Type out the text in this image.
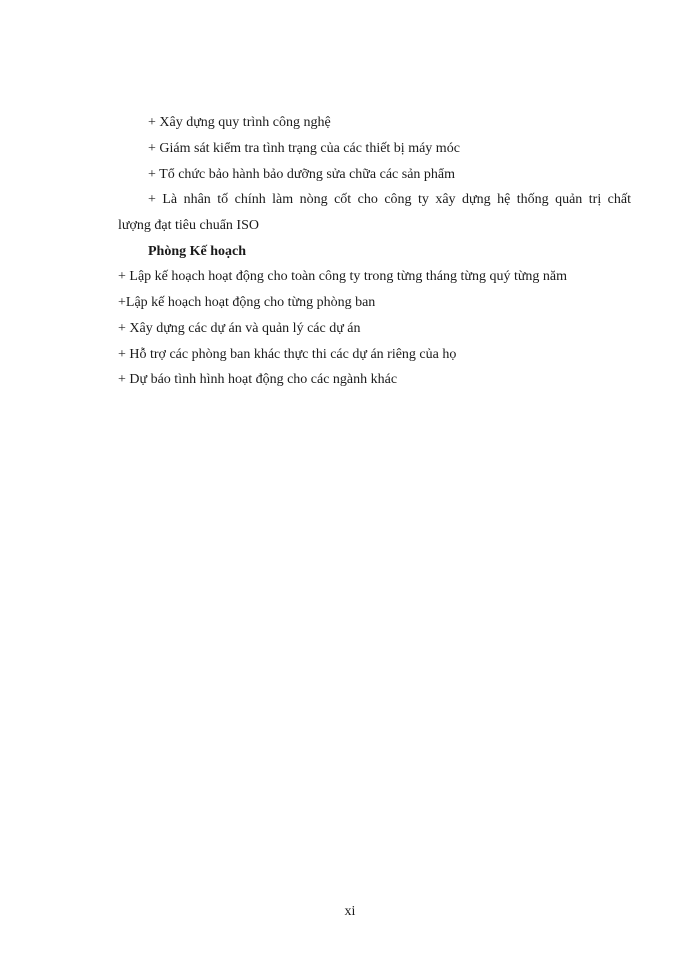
+ Xây dựng quy trình công nghệ

+ Giám sát kiểm tra tình trạng của các thiết bị máy móc

+ Tổ chức bảo hành bảo dưỡng sửa chữa các sản phẩm

+ Là nhân tố chính làm nòng cốt cho công ty xây dựng hệ thống quản trị chất

lượng đạt tiêu chuẩn ISO

Phòng Kế hoạch

+ Lập kế hoạch hoạt động cho toàn công ty trong từng tháng từng quý từng năm

+Lập kế hoạch hoạt động cho từng phòng ban

+ Xây dựng các dự án và quản lý các dự án

+ Hỗ trợ các phòng ban khác thực thi các dự án riêng của họ

+ Dự báo tình hình hoạt động cho các ngành khác

xi
